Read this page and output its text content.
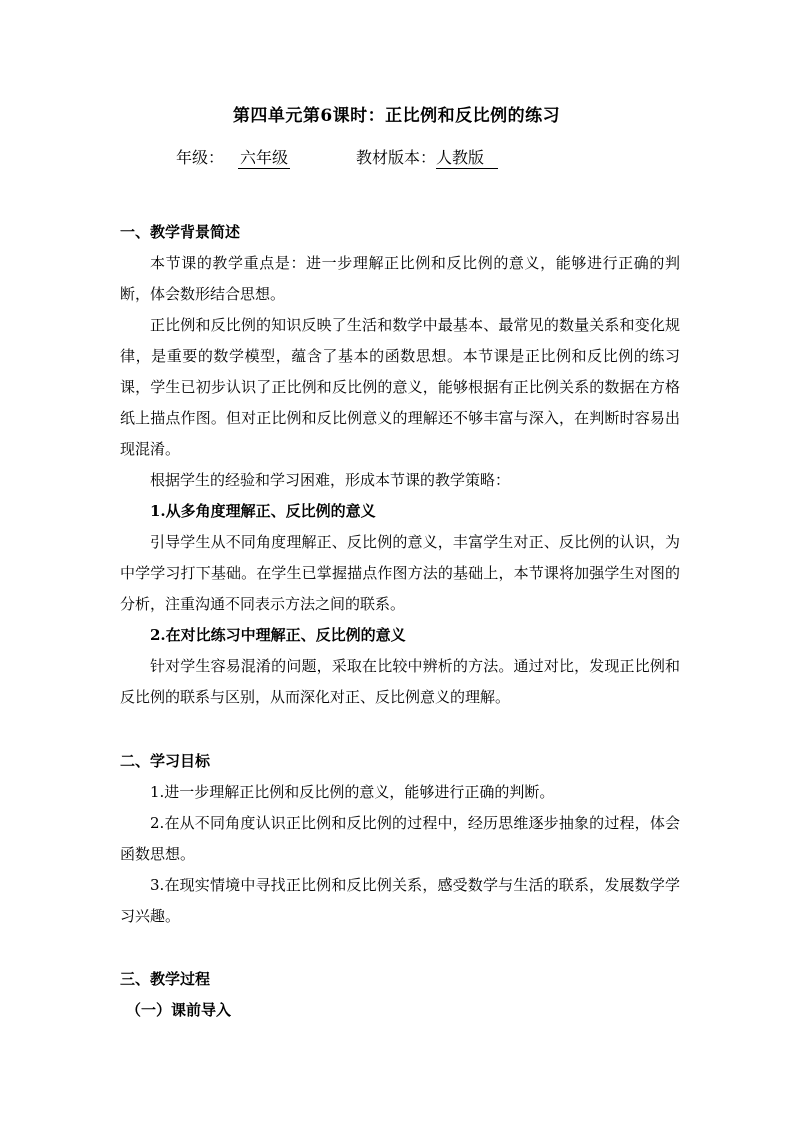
第四单元第6课时：正比例和反比例的练习
年级： 六年级	教材版本：人教版
一、教学背景简述

本节课的教学重点是：进一步理解正比例和反比例的意义，能够进行正确的判断，体会数形结合思想。

正比例和反比例的知识反映了生活和数学中最基本、最常见的数量关系和变化规律，是重要的数学模型，蕴含了基本的函数思想。本节课是正比例和反比例的练习课，学生已初步认识了正比例和反比例的意义，能够根据有正比例关系的数据在方格纸上描点作图。但对正比例和反比例意义的理解还不够丰富与深入，在判断时容易出现混淆。

根据学生的经验和学习困难，形成本节课的教学策略：

1.从多角度理解正、反比例的意义

引导学生从不同角度理解正、反比例的意义，丰富学生对正、反比例的认识，为中学学习打下基础。在学生已掌握描点作图方法的基础上，本节课将加强学生对图的分析，注重沟通不同表示方法之间的联系。

2.在对比练习中理解正、反比例的意义

针对学生容易混淆的问题，采取在比较中辨析的方法。通过对比，发现正比例和反比例的联系与区别，从而深化对正、反比例意义的理解。

二、学习目标

1.进一步理解正比例和反比例的意义，能够进行正确的判断。

2.在从不同角度认识正比例和反比例的过程中，经历思维逐步抽象的过程，体会函数思想。

3.在现实情境中寻找正比例和反比例关系，感受数学与生活的联系，发展数学学习兴趣。

三、教学过程

（一）课前导入
